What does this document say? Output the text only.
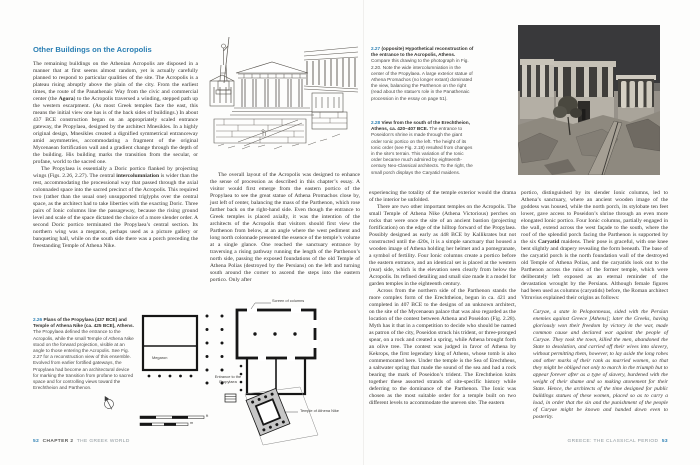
Other Buildings on the Acropolis
The remaining buildings on the Athenian Acropolis are disposed in a manner that at first seems almost random, yet is actually carefully planned to respond to particular qualities of the site. The Acropolis is a plateau rising abruptly above the plain of the city. From the earliest times, the route of the Panathenaic Way from the civic and commercial center (the Agora) to the Acropolis traversed a winding, stepped path up the western escarpment. (As most Greek temples face the east, this means the initial view one has is of the back sides of buildings.) In about 437 BCE construction began on an appropriately scaled entrance gateway, the Propylaea, designed by the architect Mnesikles. In a highly original design, Mnesikles created a dignified symmetrical entranceway amid asymmetries, accommodating a fragment of the original Mycenaean fortification wall and a gradient change through the depth of the building. His building marks the transition from the secular, or profane, world to the sacred one.
The Propylaea is essentially a Doric portico flanked by projecting wings (Figs. 2.26, 2.27). The central intercolumniation is wider than the rest, accommodating the processional way that passed through the axial colonnaded space into the sacred precinct of the Acropolis. This required two (rather than the usual one) unsupported triglyphs over the central space, as the architect had to take liberties with the exacting Doric. Three pairs of Ionic columns line the passageway, because the rising ground level and scale of the space dictated the choice of a more slender order. A second Doric portico terminated the Propylaea’s central section. Its northern wing was a megaron, perhaps used as a picture gallery or banqueting hall, while on the south side there was a porch preceding the freestanding Temple of Athena Nike.
2.26 Plans of the Propylaea (437 BCE) and Temple of Athena Nike (ca. 425 BCE), Athens. The Propylaea defined the entrance to the Acropolis, while the small Temple of Athena Nike stood on the forward projection, visible at an angle to those entering the Acropolis. See Fig. 2.27 for a reconstruction view of this ensemble. Evolved from earlier fortified gateways, the Propylaea had become an architectural device for marking the transition from profane to sacred space and for controlling views toward the Erechtheion and Parthenon.
The overall layout of the Acropolis was designed to enhance the sense of procession as described in this chapter’s essay. A visitor would first emerge from the eastern portico of the Propylaea to see the great statue of Athena Promachos close by, just left of center, balancing the mass of the Parthenon, which rose farther back on the right-hand side. Even though the entrance to Greek temples is placed axially, it was the intention of the architects of the Acropolis that visitors should first view the Parthenon from below, at an angle where the west pediment and long north colonnade presented the essence of the temple’s volume at a single glance. One reached the sanctuary entrance by traversing a rising pathway running the length of the Parthenon’s north side, passing the exposed foundations of the old Temple of Athena Polias (destroyed by the Persians) on the left and turning south around the corner to ascend the steps into the eastern portico. Only after
Screen of columns
Megaron
Entrance to the Propylaea
Temple of Athena Nike
ft
m
52 CHAPTER 2 THE GREEK WORLD
2.27 (opposite) Hypothetical reconstruction of the entrance to the Acropolis, Athens. Compare this drawing to the photograph in Fig. 2.20. Note the wide intercolumniation in the center of the Propylaea. A large exterior statue of Athena Promachos (no longer extant) dominated the view, balancing the Parthenon on the right (read about the statue’s role in the Panathenaic procession in the essay on page 51).
2.28 View from the south of the Erechtheion, Athens, ca. 420–407 BCE. The entrance to Poseidon’s shrine is made through the giant order Ionic portico on the left. The height of its Ionic order (see Fig. 2.18) resulted from changes in the site’s terrain. This variation of the Ionic order became much admired by eighteenth-century Neo-Classical architects. To the right, the small porch displays the Caryatid maidens.
experiencing the totality of the temple exterior would the drama of the interior be unfolded.
There are two other important temples on the Acropolis. The small Temple of Athena Nike (Athena Victorious) perches on rocks that were once the site of an ancient bastion (projecting fortification) on the edge of the hilltop forward of the Propylaea. Possibly designed as early as 448 BCE by Kallikrates but not constructed until the 420s, it is a simple sanctuary that housed a wooden image of Athena holding her helmet and a pomegranate, a symbol of fertility. Four Ionic columns create a portico before the eastern entrance, and an identical set is placed at the western (rear) side, which is the elevation seen clearly from below the Acropolis. Its refined detailing and small size made it a model for garden temples in the eighteenth century.
Across from the northern side of the Parthenon stands the more complex form of the Erechtheion, begun in ca. 421 and completed in 407 BCE to the designs of an unknown architect, on the site of the Mycenaean palace that was also regarded as the location of the contest between Athena and Poseidon (Fig. 2.28). Myth has it that in a competition to decide who should be named as patron of the city, Poseidon struck his trident, or three-pronged spear, on a rock and created a spring, while Athena brought forth an olive tree. The contest was judged in favor of Athena by Kekrops, the first legendary king of Athens, whose tomb is also commemorated here. Under the temple is the Sea of Erechtheus, a saltwater spring that made the sound of the sea and had a rock bearing the mark of Poseidon’s trident. The Erechtheion knits together these assorted strands of site-specific history while deferring to the dominance of the Parthenon. The Ionic was chosen as the most suitable order for a temple built on two different levels to accommodate the uneven site. The eastern
portico, distinguished by its slender Ionic columns, led to Athena’s sanctuary, where an ancient wooden image of the goddess was housed, while the north porch, its stylobate ten feet lower, gave access to Poseidon’s shrine through an even more elongated Ionic portico. Four Ionic columns, partially engaged in the wall, extend across the west façade to the south, where the roof of the splendid porch facing the Parthenon is supported by the six Caryatid maidens. Their pose is graceful, with one knee bent slightly and drapery revealing the form beneath. The base of the caryatid porch is the north foundation wall of the destroyed old Temple of Athena Polias, and the caryatids look out to the Parthenon across the ruins of the former temple, which were deliberately left exposed as an eternal reminder of the devastation wrought by the Persians. Although female figures had been used as columns (caryatids) before, the Roman architect Vitruvius explained their origins as follows:
Caryae, a state in Peloponnesus, sided with the Persian enemies against Greece [Athens]; later the Greeks, having gloriously won their freedom by victory in the war, made common cause and declared war against the people of Caryae. They took the town, killed the men, abandoned the State to desolation, and carried off their wives into slavery, without permitting them, however, to lay aside the long robes and other marks of their rank as married women, so that they might be obliged not only to march in the triumph but to appear forever after as a type of slavery, burdened with the weight of their shame and so making atonement for their State. Hence, the architects of the time designed for public buildings statues of these women, placed so as to carry a load, in order that the sin and the punishment of the people of Caryae might be known and handed down even to posterity.
GREECE: THE CLASSICAL PERIOD 53
